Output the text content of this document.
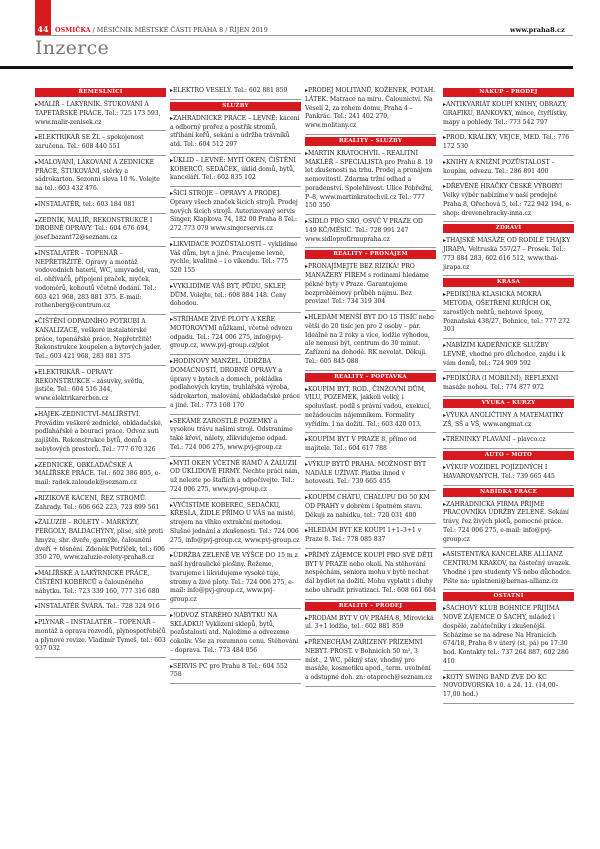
44	OSMIČKA / MĚSÍČNÍK MĚSTSKÉ ČÁSTI PRAHA 8 / ŘÍJEN 2019	www.praha8.cz
Inzerce
ŘEMESLNÍCI
▸ MALÍŘ – LAKÝRNÍK. ŠTUKOVÁNÍ A TAPETÁŘSKÉ PRÁCE. Tel.: 725 173 593, www.malir-zenisek.cz
▸ ELEKTRIKÁŘ SE ŽL – spokojenost zaručena. Tel.: 608 440 551
▸ MALOVÁNÍ, LAKOVÁNÍ A ZEDNICKÉ PRÁCE, ŠTUKOVÁNÍ, stěrky a sádrokarton. Sezonní sleva 10 %. Volejte na tel.: 603 432 476.
▸ INSTALATÉR, tel.: 603 184 081
▸ ZEDNÍK, MALÍŘ, REKONSTRUKCE I DROBNÉ OPRAVY. Tel.: 604 676 694, josef.bazant72@seznam.cz
▸ INSTALATÉR – TOPENÁŘ – NEPŘETRŽITĚ. Opravy a montáž vodovodních baterií, WC, umyvadel, van, el. ohřívačů, připojení praček, myček, vodoměrů, kohoutů včetně dodání. Tel.: 603 421 968, 283 881 375. E-mail: rothenberg@centrum.cz
▸ ČIŠTĚNÍ ODPADNÍHO POTRUBÍ A KANALIZACE, veškeré instalatérské práce, topenářské práce. Nepřetržitě! Rekonstrukce koupelen a bytových jader. Tel.: 603 421 968, 283 881 375
▸ ELEKTRIKÁŘ – OPRAVY REKONSTRUKCE – zásuvky, světla, jističe. Tel.: 604 516 344, www.elektrikarerben.cz
▸ HÁJEK–ZEDNICTVÍ–MALÍŘSTVÍ. Provádím veškeré zednické, obkladačské, podlahářské a bourací práce. Odvoz suti zajištěn. Rekonstrukce bytů, domů a nebytových prostorů. Tel.: 777 670 326
▸ ZEDNICKÉ, OBKLADAČSKÉ A MALÍŘSKÉ PRÁCE. Tel.: 602 386 895, e-mail: radek.zaloudek@seznam.cz
▸ RIZIKOVÉ KÁCENÍ, ŘEZ STROMŮ. Zahrady. Tel.: 606 662 223, 723 899 561
▸ ŽALUZIE – ROLETY – MARKÝZY, PERGOLY, BALDACHÝNY, plisé, sítě proti hmyzu, shr. dveře, garnýže, čalounění dveří + těsnění. Zdeněk Petříček, tel.: 606 350 270, www.zaluzie-rolety-praha8.cz
▸ MALÍŘSKÉ A LAKÝRNICKÉ PRÁCE, ČIŠTĚNÍ KOBERCŮ a čalouněného nábytku. Tel.: 723 339 160, 777 316 680
▸ INSTALATÉR ŠVÁRA. Tel.: 728 324 916
▸ PLYNAŘ – INSTALATÉR – TOPENÁŘ – montáž a oprava rozvodů, plynospotřebičů a plynové revize. Vladimír Tymeš, tel.: 603 937 032
▸ ELEKTRO VESELÝ. Tel.: 602 881 859
SLUŽBY
▸ ZAHRADNICKÉ PRÁCE – LEVNĚ: kácení a odborný prořez a postřik stromů, stříhání keřů, sekání a údržba trávníků atd. Tel.: 604 512 297
▸ ÚKLID – LEVNĚ: MYTÍ OKEN, ČIŠTĚNÍ KOBERCŮ, SEDAČEK, úklid domů, bytů, kanceláří. Tel.: 602 835 102
▸ ŠICÍ STROJE – OPRAVY A PRODEJ. Opravy všech značek šicích strojů. Prodej nových šicích strojů. Autorizovaný servis Singer, Klapkova 74, 182 00 Praha 8 Tel.: 272 773 079 www.singerservis.cz
▸ LIKVIDACE POZŮSTALOSTÍ – vyklidíme Váš dům, byt a jiné. Pracujeme levně, rychle, kvalitně – i o víkendu. Tel.: 775 520 155
▸ VYKLIDÍME VÁŠ BYT, PŮDU, SKLEP, DŮM. Volejte, tel.: 608 884 148. Ceny dohodou.
▸ STŘÍHÁME ŽIVÉ PLOTY A KEŘE MOTOROVÝMI nůžkami, včetně odvozu odpadu. Tel.: 724 006 275, info@pvj-group.cz, www.pvj-group.cz/plot
▸ HODINOVÝ MANŽEL. ÚDRŽBA DOMÁCNOSTÍ, DROBNÉ OPRAVY a úpravy v bytech a domech, pokládka podlahových krytin, truhlářská výroba, sádrokarton, malování, obkladačské práce a jiné. Tel.: 773 168 170
▸ SEKÁME ZAROSTLÉ POZEMKY a vysokou trávu našimi stroji. Odstraníme také křoví, nálety, zlikvidujeme odpad. Tel.: 724 006 275, www.pvj-group.cz
▸ MYTÍ OKEN VČETNĚ RÁMŮ A ŽALUZIÍ OD ÚKLIDOVÉ FIRMY. Nechte práci nám, už nelezte po štaflích a odpočívejte. Tel.: 724 006 275, www.pvj-group.cz
▸ VYČISTÍME KOBEREC, SEDAČKU, KŘESLA, ŽIDLE PŘÍMO U VÁS na místě, strojem na vlhko extrakční metodou. Slušné jednání a zkušenosti. Tel.: 724 006 275, info@pvj-group.cz, www.pvj-group.cz
▸ ÚDRŽBA ZELENĚ VE VÝŠCE DO 15 m z naší hydraulické plošiny. Řežeme, tvarujeme i likvidujeme vysoké túje, stromy a živé ploty. Tel.: 724 006 275, e-mail: info@pvj-group.cz, www.pvj-group.cz
▸ !ODVOZ STARÉHO NÁBYTKU NA SKLÁDKU! Vyklizení sklepů, bytů, pozůstalostí atd. Naložíme a odvezeme cokoliv. Vše za rozumnou cenu. Stěhování – doprava. Tel.: 773 484 056
▸ SERVIS PC pro Prahu 8 Tel.: 604 552 758
▸ PRODEJ MOLITANŮ, KOŽENEK, POTAH. LÁTEK. Matrace na míru. Čalounictví. Na Veselí 2, za rohem domu, Praha 4 – Pankrác. Tel.: 241 402 270, www.molitany.cz
REALITY – SLUŽBY
▸ MARTIN KRATOCHVÍL – REALITNÍ MAKLÉŘ – SPECIALISTA pro Prahu 8. 19 let zkušeností na trhu. Prodej a pronájem nemovitostí. Zdarma tržní odhad a poradenství. Spolehlivost. Ulice Pobřežní, P–8, www.martinkratochvil.cz Tel.: 777 150 350
▸ SÍDLO PRO SRO, OSVČ V PRAZE OD 149 KČ/MĚSÍC. Tel.: 728 991 247 www.sidloprofirmupraha.cz
REALITY – PRONÁJEM
▸ PRONAJÍMEJTE BEZ RIZIKA! PRO MANAŽERY FIREM s rodinami hledáme pěkné byty v Praze. Garantujeme bezproblémový průběh nájmu. Bez provize! Tel.: 734 319 304
▸ HLEDÁM MENŠÍ BYT DO 15 TISÍC nebo větší do 20 tisíc jen pro 2 osoby – pár. Ideálně na 2 roky a více, lodžie výhodou, ale nemusí být, centrum do 30 minut. Zařízení na dohodě. RK nevolat. Děkuji. Tel.: 605 845 088
REALITY – POPTÁVKA
▸ KOUPÍM BYT, ROD., ČINŽOVNÍ DŮM, VILU, POZEMEK, jakkoli velký, i spoluvlast. podíl s právní vadou, exekucí, nežádoucím nájemníkem. Formality vyřídím. I na dožití. Tel.: 603 420 013.
▸ KOUPÍM BYT V PRAZE 8, přímo od majitele. Tel.: 604 617 788
▸ VÝKUP BYTŮ PRAHA. MOŽNOST BYT NADÁLE UŽÍVAT. Platba ihned v hotovosti. Tel.: 739 665 455
▸ KOUPÍM CHATU, CHALUPU DO 50 KM OD PRAHY v dobrém i špatném stavu. Děkuji za nabídku, tel.: 720 031 400
▸ HLEDÁM BYT KE KOUPI 1+1–3+1 v Praze 8. Tel.: 778 085 837
▸ PŘÍMÝ ZÁJEMCE KOUPÍ PRO SVÉ DĚTI BYT V PRAZE nebo okolí. Na stěhování nespěchám, seniora mohu v bytě nechat dál bydlet na dožití. Mohu vyplatit i dluhy nebo uhradit privatizaci. Tel.: 608 661 664
REALITY – PRODEJ
▸ PRODÁM BYT V OV PRAHA 8, Mirovická ul. 3+1 lodžie, tel.: 602 881 859
▸ PŘENECHÁM ZAŘÍZENÝ PŘÍZEMNÍ NEBYT. PROST. v Bohnicích 50 m², 3 míst., 2 WC, pěkný stav, vhodný pro masáže, kosmetiku apod., term. uvolnění a odstupné doh. zn: otaproch@seznam.cz
NÁKUP – PRODEJ
▸ ANTIKVARIÁT KOUPÍ KNIHY, OBRAZY, GRAFIKU, BANKOVKY, mince, čtyřlístky, mapy a pohledy. Tel.: 773 542 797
▸ PROD. KRÁLÍKY, VEJCE, MED. Tel.: 776 172 530
▸ KNIHY A KNIŽNÍ POZŮSTALOST – koupím, odvezu. Tel.: 286 891 400
▸ DŘEVĚNÉ HRAČKY ČESKÉ VÝROBY! Velký výběr nabízíme v naší prodejně Praha 8, Ořechová 5, tel.: 722 942 194, e-shop: drevenehracky-inna.cz
ZDRAVÍ
▸ THAJSKÉ MASÁŽE OD RODILÉ THAJKY JIRAPA. Veltruská 557/27 – Prosek. Tel.: 773 884 283, 602 616 512, www.thai-jirapa.cz
KRÁSA
▸ PEDIKÚRA KLASICKÁ MOKRÁ METODA, OŠETŘENÍ KUŘÍCH OK, zarostlých nehtů, nehtové špony, Poznaňská 438/27, Bohnice, tel.: 777 272 303
▸ NABÍZÍM KADEŘNICKÉ SLUŽBY LEVNĚ, vhodné pro důchodce, zajdu i k vám domů, tel.: 724 909 592
▸ PEDIKÚRA (I MOBILNÍ), REFLEXNÍ masáže nohou. Tel.: 774 877 972
VÝUKA – KURZY
▸ VÝUKA ANGLIČTINY A MATEMATIKY ZŠ, SŠ a VŠ, www.angmat.cz
▸ TRÉNINKY PLAVÁNÍ – plavco.cz
AUTO – MOTO
▸ VÝKUP VOZIDEL POJÍZDNÝCH I HAVAROVANÝCH. Tel.: 739 665 445
NABÍDKA PRÁCE
▸ ZAHRADNICKÁ FIRMA PŘIJME PRACOVNÍKA ÚDRŽBY ZELENĚ. Sekání trávy, řez živých plotů, pomocné práce. Tel.: 724 006 275, e-mail: info@pvj-group.cz
▸ ASISTENT/KA KANCELÁŘE ALLIANZ CENTRUM KRAKOV, na částečný úvazek. Vhodné i pro studenty VŠ nebo důchodce. Pište na: uplatneni@bernas-allianz.cz
OSTATNÍ
▸ ŠACHOVÝ KLUB BOHNICE PŘIJÍMÁ NOVÉ ZÁJEMCE O ŠACHY, mládež i dospělé, začátečníky i zkušenější. Scházíme se na adrese Na Hranicích 674/18, Praha 8 v úterý (st, pá) po 17:30 hod. Kontakty tel.: 737 264 887, 602 286 410
▸ KOTY SWING BAND ZVE DO KC NOVODVORSKÁ 10. a 24. 11. (14,00–17,00 hod.)
